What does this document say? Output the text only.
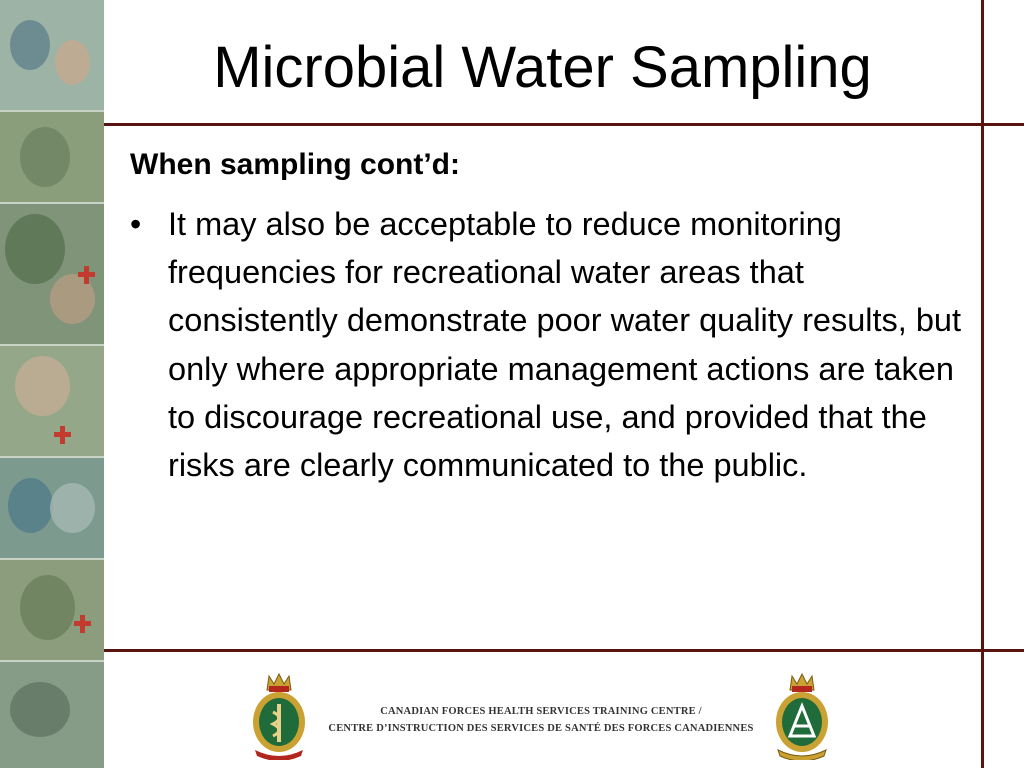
Microbial Water Sampling
When sampling cont’d:
• It may also be acceptable to reduce monitoring frequencies for recreational water areas that consistently demonstrate poor water quality results, but only where appropriate management actions are taken to discourage recreational use, and provided that the risks are clearly communicated to the public.
CANADIAN FORCES HEALTH SERVICES TRAINING CENTRE /
CENTRE D’INSTRUCTION DES SERVICES DE SANTÉ DES FORCES CANADIENNES
